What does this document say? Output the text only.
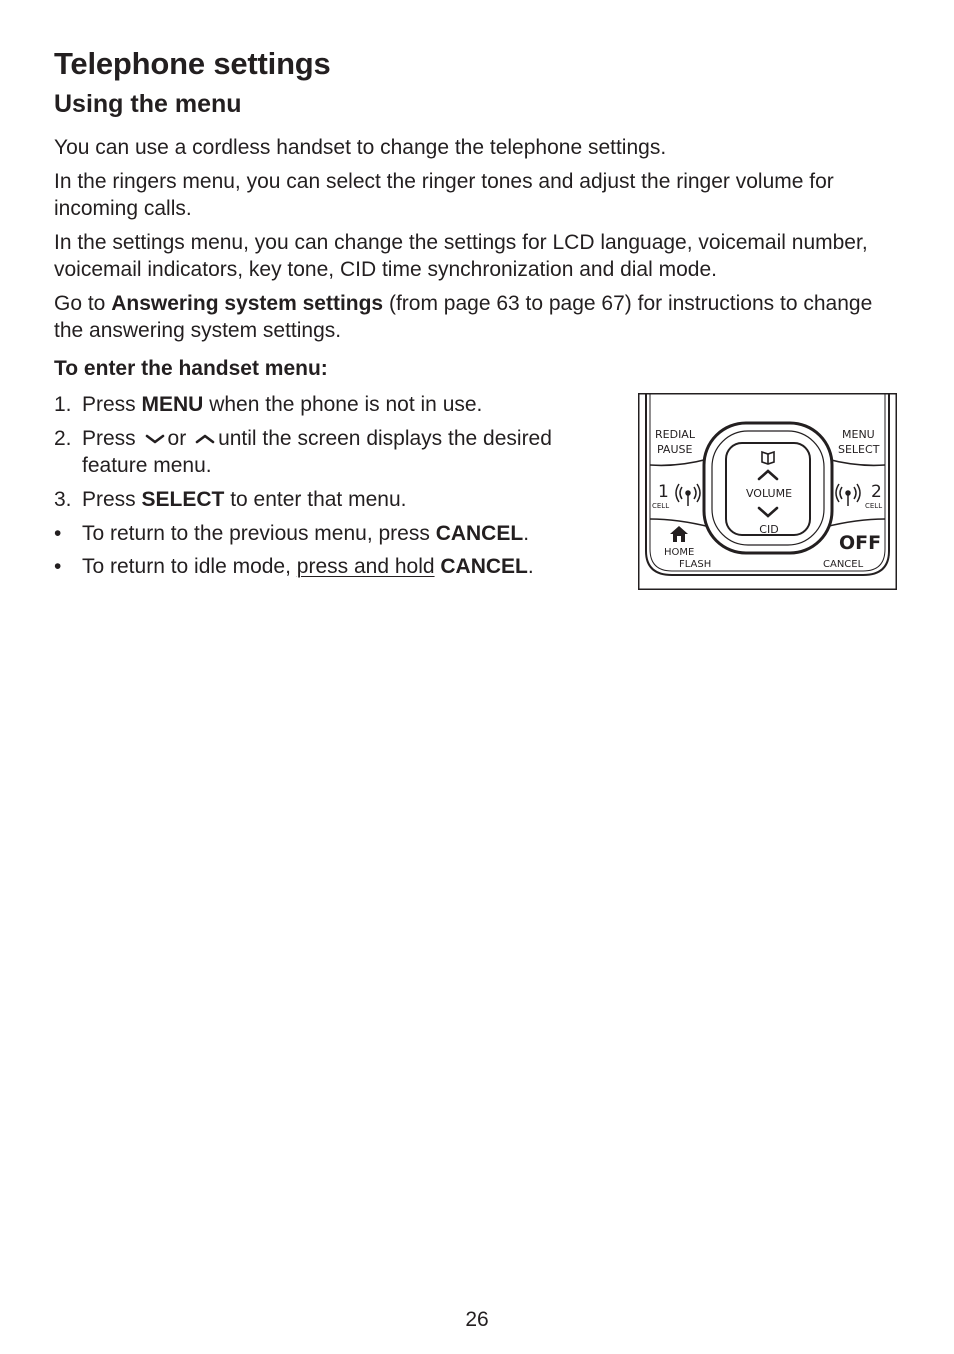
Telephone settings
Using the menu

You can use a cordless handset to change the telephone settings.

In the ringers menu, you can select the ringer tones and adjust the ringer volume for incoming calls.

In the settings menu, you can change the settings for LCD language, voicemail number, voicemail indicators, key tone, CID time synchronization and dial mode.

Go to Answering system settings (from page 63 to page 67) for instructions to change the answering system settings.

To enter the handset menu:

1. Press MENU when the phone is not in use.
2. Press or until the screen displays the desired feature menu.
3. Press SELECT to enter that menu.
• To return to the previous menu, press CANCEL.
• To return to idle mode, press and hold CANCEL.
VOLUME
CID
REDIAL
PAUSE
MENU
SELECT
1
CELL
2
CELL
HOME
FLASH
OFF
CANCEL
26
